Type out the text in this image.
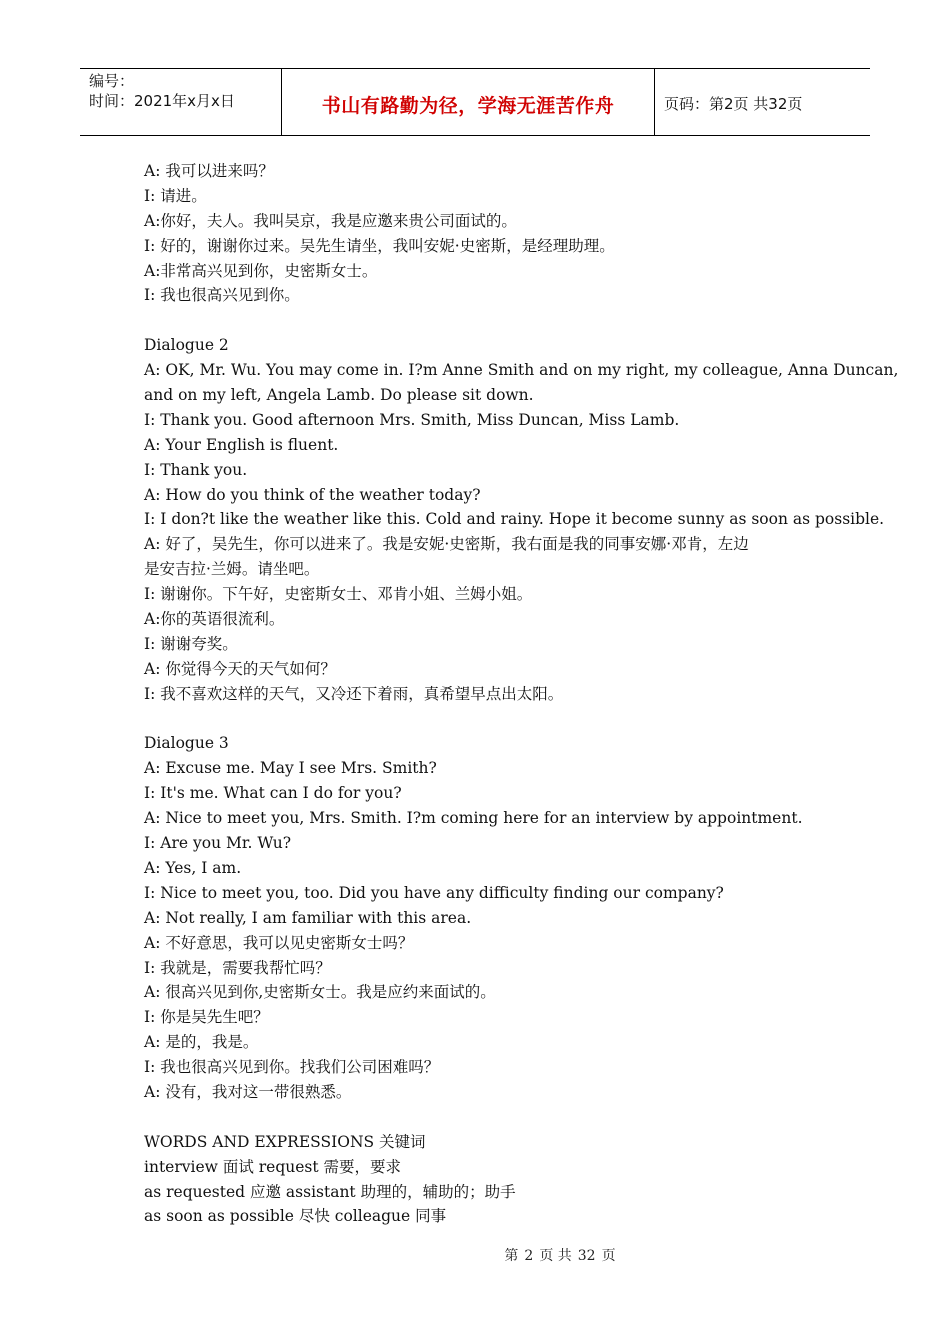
编号：
时间：2021年x月x日	书山有路勤为径，学海无涯苦作舟	页码：第2页 共32页
A: 我可以进来吗？
I: 请进。
A:你好，夫人。我叫吴京，我是应邀来贵公司面试的。
I: 好的，谢谢你过来。吴先生请坐，我叫安妮·史密斯，是经理助理。
A:非常高兴见到你，史密斯女士。
I: 我也很高兴见到你。
Dialogue 2
A: OK, Mr. Wu. You may come in. I?m Anne Smith and on my right, my colleague, Anna Duncan,
and on my left, Angela Lamb. Do please sit down.
I: Thank you. Good afternoon Mrs. Smith, Miss Duncan, Miss Lamb.
A: Your English is fluent.
I: Thank you.
A: How do you think of the weather today?
I: I don?t like the weather like this. Cold and rainy. Hope it become sunny as soon as possible.
A: 好了，吴先生，你可以进来了。我是安妮·史密斯，我右面是我的同事安娜·邓肯，左边
是安吉拉·兰姆。请坐吧。
I: 谢谢你。下午好，史密斯女士、邓肯小姐、兰姆小姐。
A:你的英语很流利。
I: 谢谢夸奖。
A: 你觉得今天的天气如何？
I: 我不喜欢这样的天气，又冷还下着雨，真希望早点出太阳。
Dialogue 3
A: Excuse me. May I see Mrs. Smith?
I: It's me. What can I do for you?
A: Nice to meet you, Mrs. Smith. I?m coming here for an interview by appointment.
I: Are you Mr. Wu?
A: Yes, I am.
I: Nice to meet you, too. Did you have any difficulty finding our company?
A: Not really, I am familiar with this area.
A: 不好意思，我可以见史密斯女士吗？
I: 我就是，需要我帮忙吗？
A: 很高兴见到你,史密斯女士。我是应约来面试的。
I: 你是吴先生吧？
A: 是的，我是。
I: 我也很高兴见到你。找我们公司困难吗？
A: 没有，我对这一带很熟悉。
WORDS AND EXPRESSIONS 关键词
interview 面试 request 需要，要求
as requested 应邀 assistant 助理的，辅助的；助手
as soon as possible 尽快 colleague 同事
第 2 页 共 32 页
